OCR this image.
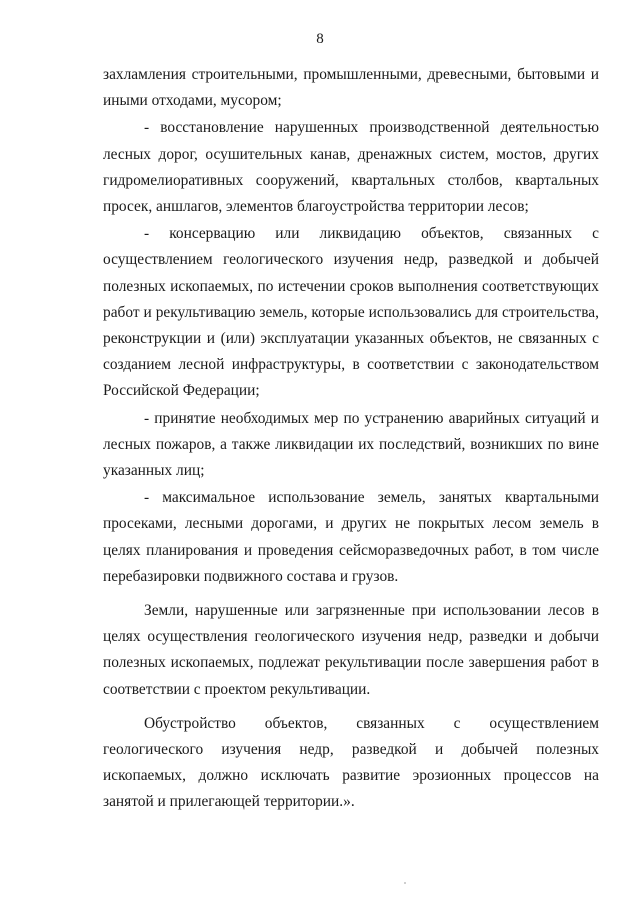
8

захламления строительными, промышленными, древесными, бытовыми и иными отходами, мусором;

- восстановление нарушенных производственной деятельностью лесных дорог, осушительных канав, дренажных систем, мостов, других гидромелиоративных сооружений, квартальных столбов, квартальных просек, аншлагов, элементов благоустройства территории лесов;

- консервацию или ликвидацию объектов, связанных с осуществлением геологического изучения недр, разведкой и добычей полезных ископаемых, по истечении сроков выполнения соответствующих работ и рекультивацию земель, которые использовались для строительства, реконструкции и (или) эксплуатации указанных объектов, не связанных с созданием лесной инфраструктуры, в соответствии с законодательством Российской Федерации;

- принятие необходимых мер по устранению аварийных ситуаций и лесных пожаров, а также ликвидации их последствий, возникших по вине указанных лиц;

- максимальное использование земель, занятых квартальными просеками, лесными дорогами, и других не покрытых лесом земель в целях планирования и проведения сейсморазведочных работ, в том числе перебазировки подвижного состава и грузов.

Земли, нарушенные или загрязненные при использовании лесов в целях осуществления геологического изучения недр, разведки и добычи полезных ископаемых, подлежат рекультивации после завершения работ в соответствии с проектом рекультивации.

Обустройство объектов, связанных с осуществлением геологического изучения недр, разведкой и добычей полезных ископаемых, должно исключать развитие эрозионных процессов на занятой и прилегающей территории.».
